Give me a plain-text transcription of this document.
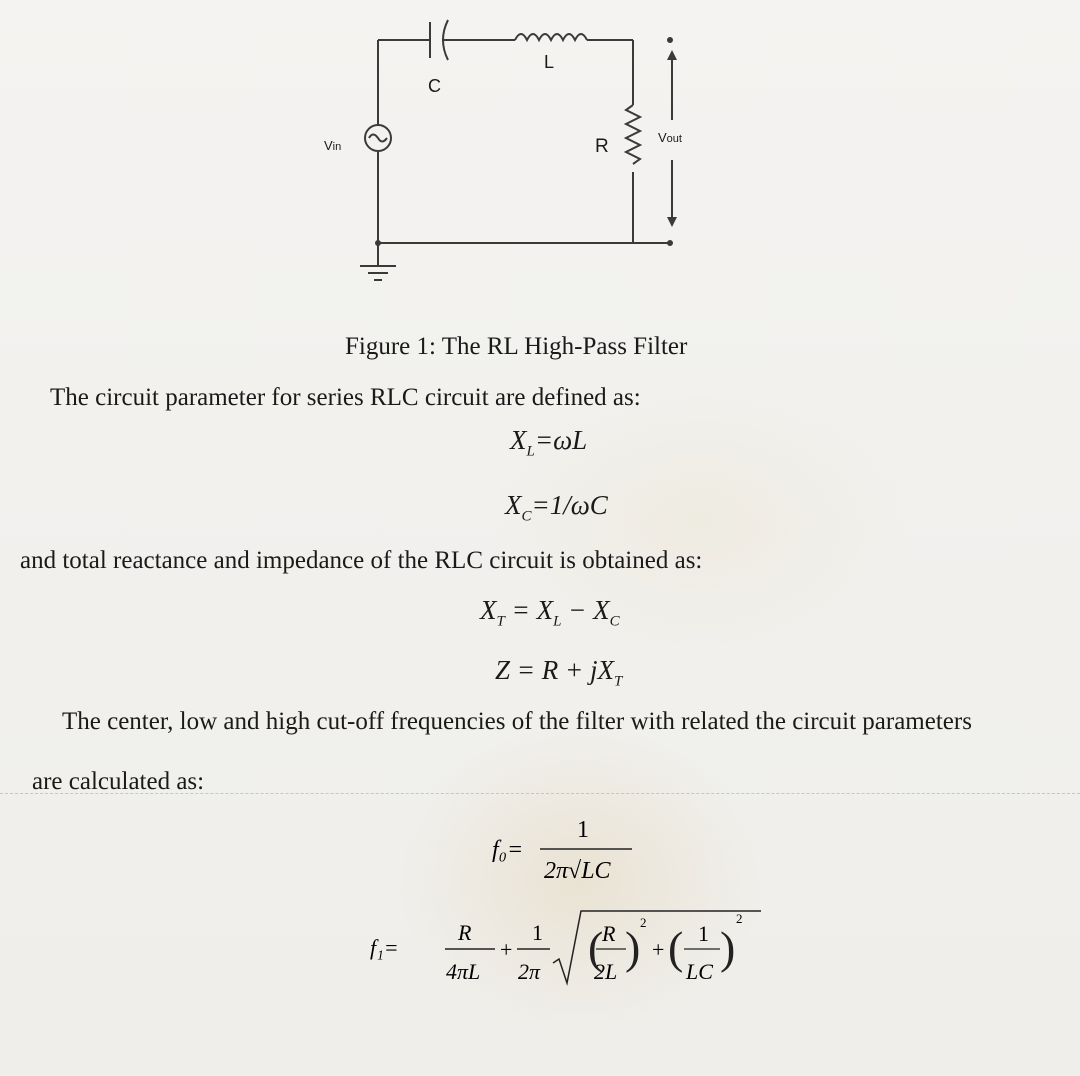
C
L
R
Vin
Vout
Figure 1: The RL High-Pass Filter
The circuit parameter for series RLC circuit are defined as:
$X_L=\omega L$
$X_C=1/\omega C$
and total reactance and impedance of the RLC circuit is obtained as:
$X_T = X_L - X_C$
$Z = R + jX_T$
The center, low and high cut-off frequencies of the filter with related the circuit parameters
are calculated as:
f₀=
1
2π√LC
f₁=
R
4πL
+
1
2π (
R
2L ) 2
+ ( 1
LC )
2
